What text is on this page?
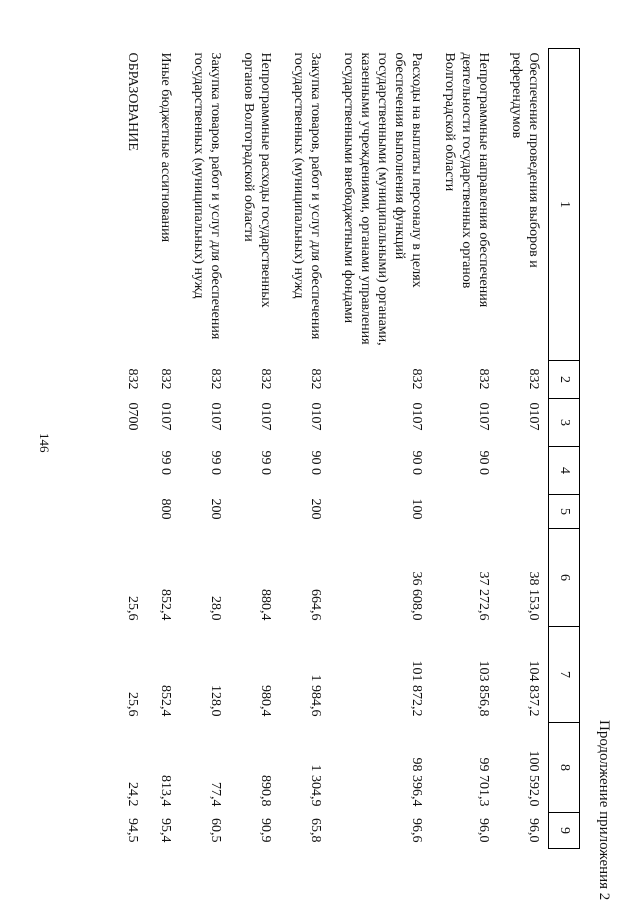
146
Продолжение приложения 2
1	2	3	4	5	6	7	8	9
Обеспечение проведения выборов и референдумов	832	0107			38 153,0	104 837,2	100 592,0	96,0
Непрограммные направления обеспечения деятельности государственных органов Волгоградской области	832	0107	90 0		37 272,6	103 856,8	99 701,3	96,0
Расходы на выплаты персоналу в целях обеспечения выполнения функций государственными (муниципальными) органами, казенными учреждениями, органами управления государственными внебюджетными фондами	832	0107	90 0	100	36 608,0	101 872,2	98 396,4	96,6
Закупка товаров, работ и услуг для обеспечения государственных (муниципальных) нужд	832	0107	90 0	200	664,6	1 984,6	1 304,9	65,8
Непрограммные расходы государственных органов Волгоградской области	832	0107	99 0		880,4	980,4	890,8	90,9
Закупка товаров, работ и услуг для обеспечения государственных (муниципальных) нужд	832	0107	99 0	200	28,0	128,0	77,4	60,5
Иные бюджетные ассигнования	832	0107	99 0	800	852,4	852,4	813,4	95,4
ОБРАЗОВАНИЕ	832	0700			25,6	25,6	24,2	94,5
